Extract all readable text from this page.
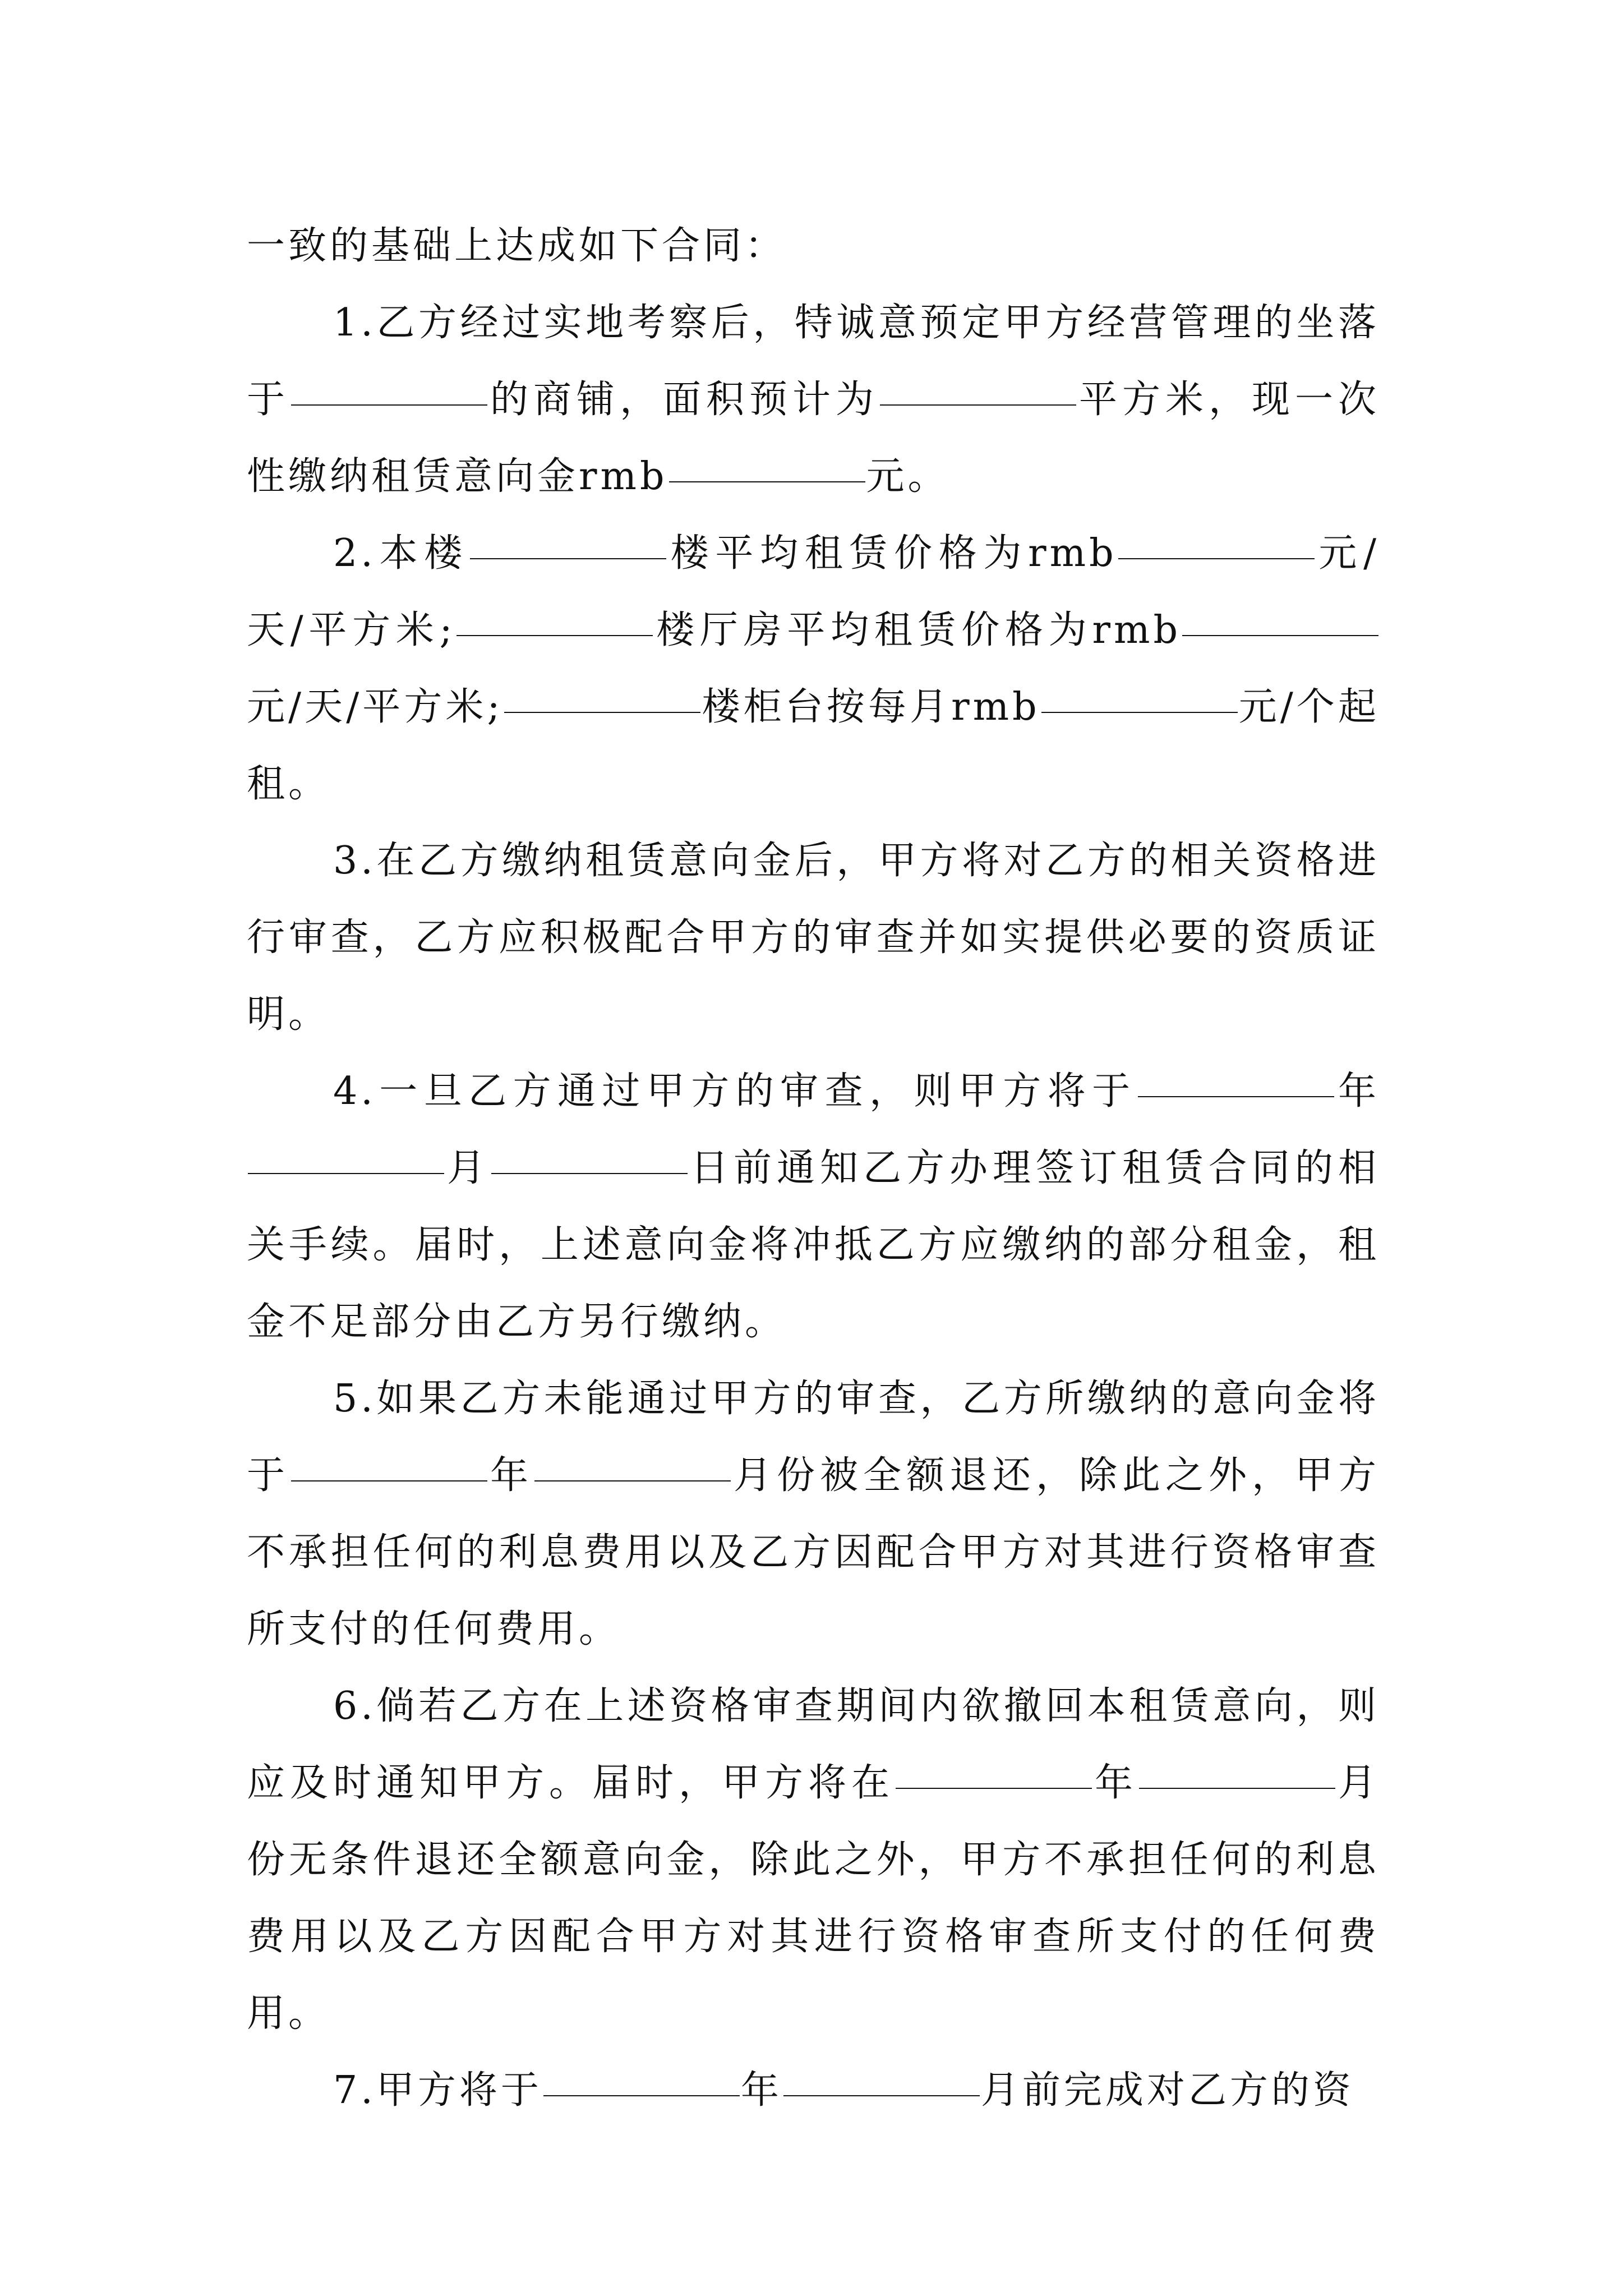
一致的基础上达成如下合同：

1.乙方经过实地考察后，特诚意预定甲方经营管理的坐落于	的商铺，面积预计为	平方米，现一次性缴纳租赁意向金rmb	元。

2.本楼	楼平均租赁价格为rmb	元/天/平方米;	楼厅房平均租赁价格为rmb元/天/平方米;	楼柜台按每月rmb	元/个起租。

3.在乙方缴纳租赁意向金后，甲方将对乙方的相关资格进行审查，乙方应积极配合甲方的审查并如实提供必要的资质证明。

4.一旦乙方通过甲方的审查，则甲方将于	年月	日前通知乙方办理签订租赁合同的相关手续。届时，上述意向金将冲抵乙方应缴纳的部分租金，租金不足部分由乙方另行缴纳。

5.如果乙方未能通过甲方的审查，乙方所缴纳的意向金将于	年	月份被全额退还，除此之外，甲方不承担任何的利息费用以及乙方因配合甲方对其进行资格审查所支付的任何费用。

6.倘若乙方在上述资格审查期间内欲撤回本租赁意向，则应及时通知甲方。届时，甲方将在	年	月份无条件退还全额意向金，除此之外，甲方不承担任何的利息费用以及乙方因配合甲方对其进行资格审查所支付的任何费用。

7.甲方将于	年	月前完成对乙方的资
